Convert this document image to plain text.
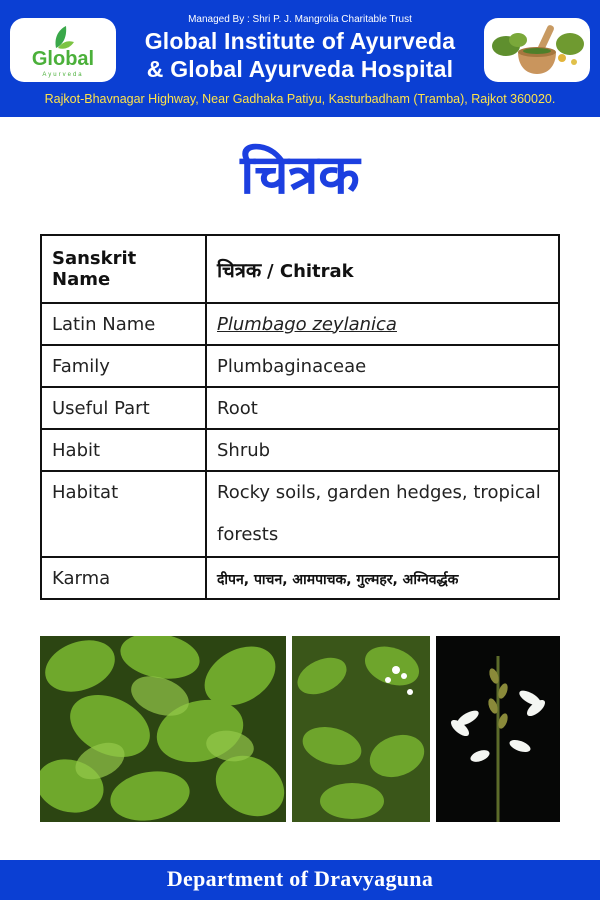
Global
Ayurveda
Managed By : Shri P. J. Mangrolia Charitable Trust
Global Institute of Ayurveda
& Global Ayurveda Hospital
Rajkot-Bhavnagar Highway, Near Gadhaka Patiyu, Kasturbadham (Tramba), Rajkot 360020.
चित्रक
Sanskrit Name	चित्रक / Chitrak
Latin Name	Plumbago zeylanica
Family	Plumbaginaceae
Useful Part	Root
Habit	Shrub
Habitat	Rocky soils, garden hedges, tropical forests
Karma	दीपन, पाचन, आमपाचक, गुल्महर, अग्निवर्द्धक
Department of Dravyaguna
